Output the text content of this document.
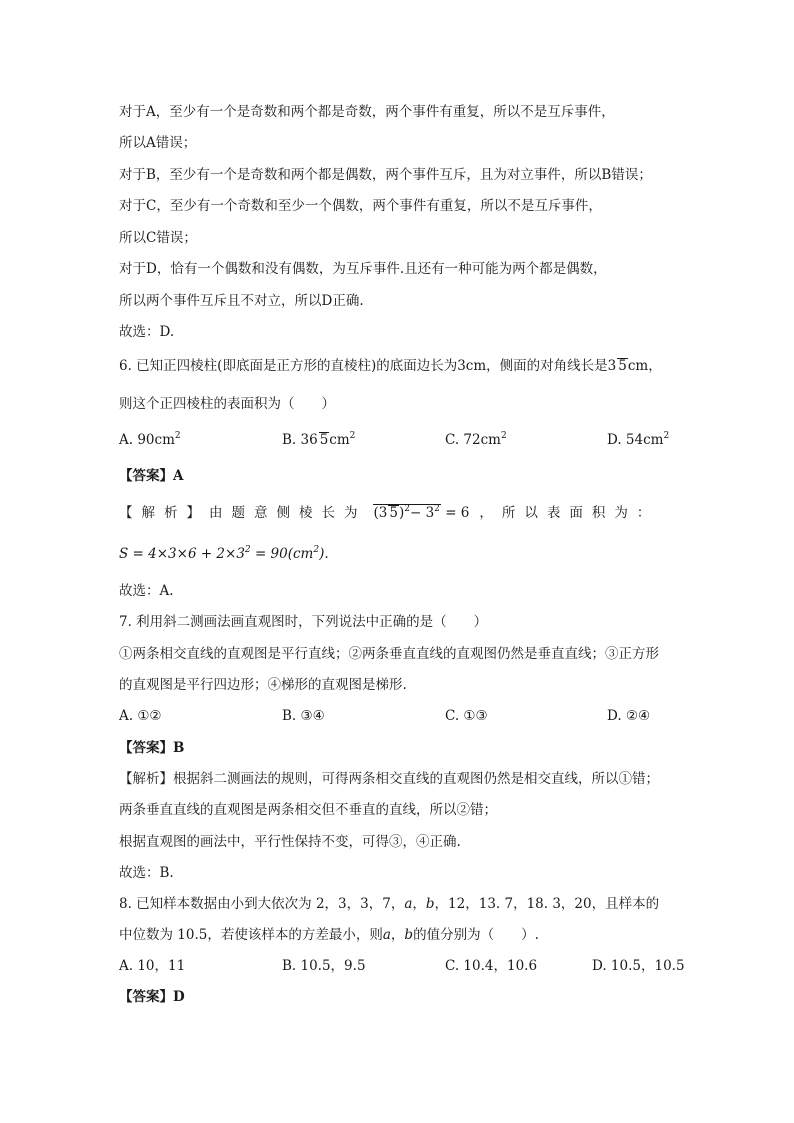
对于A，至少有一个是奇数和两个都是奇数，两个事件有重复，所以不是互斥事件，
所以A错误；
对于B，至少有一个是奇数和两个都是偶数，两个事件互斥，且为对立事件，所以B错误；
对于C，至少有一个奇数和至少一个偶数，两个事件有重复，所以不是互斥事件，
所以C错误；
对于D，恰有一个偶数和没有偶数，为互斥事件.且还有一种可能为两个都是偶数，
所以两个事件互斥且不对立，所以D正确.
故选：D.
6. 已知正四棱柱(即底面是正方形的直棱柱)的底面边长为3cm，侧面的对角线长是3 5cm，
则这个正四棱柱的表面积为（　　）
A. $90cm^2$	B. 36 $5cm^2$	C. $72cm^2$	D. $54cm^2$
【答案】A
【解析】由题意侧棱长为 (3 $5)^2- 3^2 = 6$ ，所以表面积为：
$S = 4\times 3\times 6 + 2\times 3^2 = 90(cm^2)$.
故选：A.
7. 利用斜二测画法画直观图时，下列说法中正确的是（　　）
①两条相交直线的直观图是平行直线；②两条垂直直线的直观图仍然是垂直直线；③正方形
的直观图是平行四边形；④梯形的直观图是梯形.
A. ①②	B. ③④	C. ①③	D. ②④
【答案】B
【解析】根据斜二测画法的规则，可得两条相交直线的直观图仍然是相交直线，所以①错；
两条垂直直线的直观图是两条相交但不垂直的直线，所以②错；
根据直观图的画法中，平行性保持不变，可得③，④正确.
故选：B.
8. 已知样本数据由小到大依次为 2，3，3，7，a，b，12，13. 7，18. 3，20，且样本的
中位数为 10.5，若使该样本的方差最小，则a，b的值分别为（　　）.
A. 10，11	B. 10.5，9.5	C. 10.4，10.6	D. 10.5，10.5
【答案】D
